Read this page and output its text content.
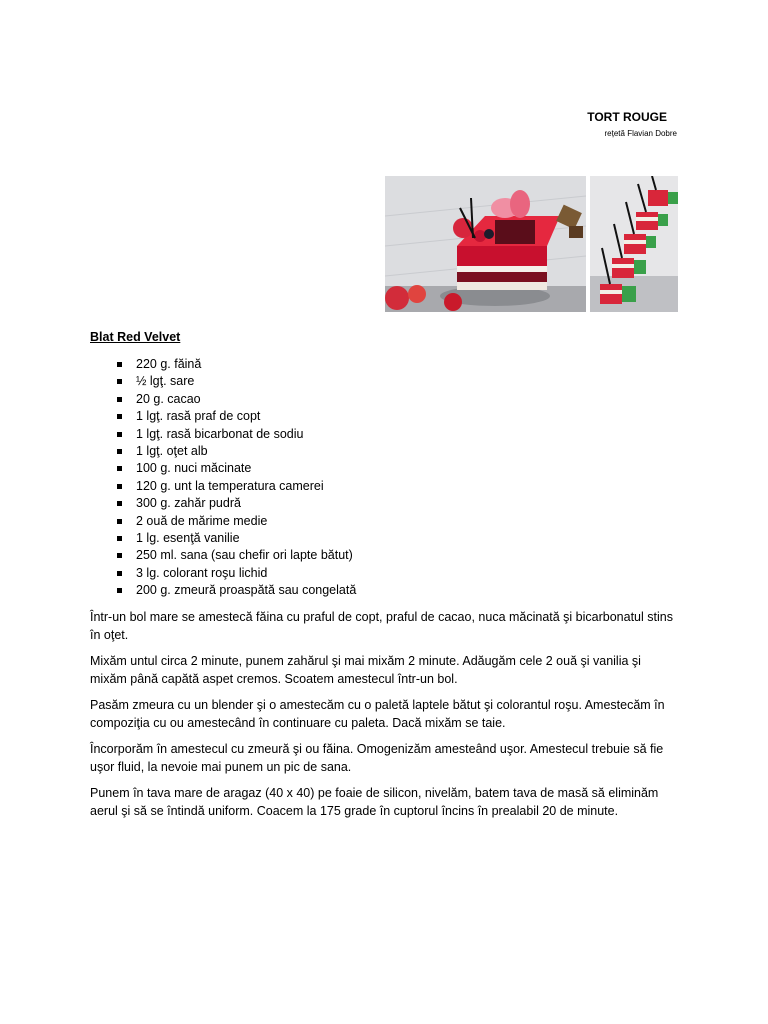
TORT ROUGE
rețetă Flavian Dobre
Blat Red Velvet
220 g. făină
½ lgţ. sare
20 g. cacao
1 lgţ. rasă praf de copt
1 lgţ. rasă bicarbonat de sodiu
1 lgţ. oţet alb
100 g. nuci măcinate
120 g. unt la temperatura camerei
300 g. zahăr pudră
2 ouă de mărime medie
1 lg. esenţă vanilie
250 ml. sana (sau chefir ori lapte bătut)
3 lg. colorant roşu lichid
200 g. zmeură proaspătă sau congelată

Într-un bol mare se amestecă făina cu praful de copt, praful de cacao, nuca măcinată şi bicarbonatul stins în oţet.

Mixăm untul circa 2 minute, punem zahărul şi mai mixăm 2 minute. Adăugăm cele 2 ouă şi vanilia şi mixăm până capătă aspet cremos. Scoatem amestecul într-un bol.

Pasăm zmeura cu un blender şi o amestecăm cu o paletă laptele bătut şi colorantul roşu. Amestecăm în compoziţia cu ou amestecând în continuare cu paleta. Dacă mixăm se taie.

Încorporăm în amestecul cu zmeură şi ou făina. Omogenizăm amesteând uşor. Amestecul trebuie să fie uşor fluid, la nevoie mai punem un pic de sana.

Punem în tava mare de aragaz (40 x 40) pe foaie de silicon, nivelăm, batem tava de masă să eliminăm aerul şi să se întindă uniform. Coacem la 175 grade în cuptorul încins în prealabil 20 de minute.
